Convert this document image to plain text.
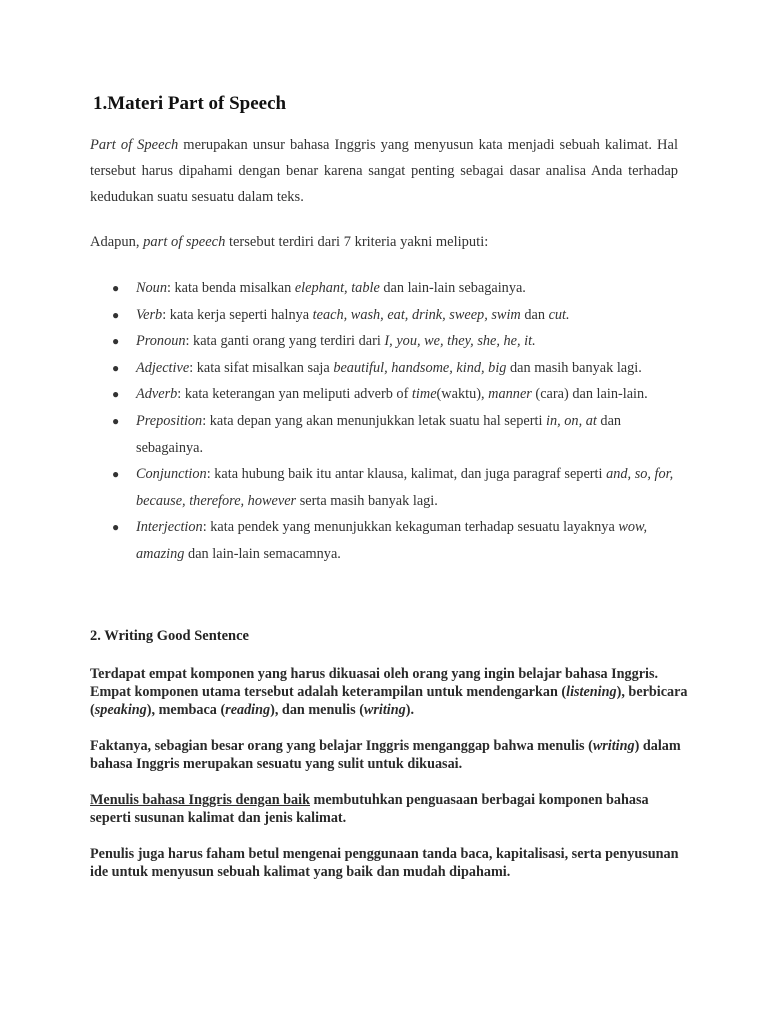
1.Materi Part of Speech

Part of Speech merupakan unsur bahasa Inggris yang menyusun kata menjadi sebuah kalimat. Hal tersebut harus dipahami dengan benar karena sangat penting sebagai dasar analisa Anda terhadap kedudukan suatu sesuatu dalam teks.

Adapun, part of speech tersebut terdiri dari 7 kriteria yakni meliputi:

● Noun: kata benda misalkan elephant, table dan lain-lain sebagainya.
● Verb: kata kerja seperti halnya teach, wash, eat, drink, sweep, swim dan cut.
● Pronoun: kata ganti orang yang terdiri dari I, you, we, they, she, he, it.
● Adjective: kata sifat misalkan saja beautiful, handsome, kind, big dan masih banyak lagi.
● Adverb: kata keterangan yan meliputi adverb of time(waktu), manner (cara) dan lain-lain.
● Preposition: kata depan yang akan menunjukkan letak suatu hal seperti in, on, at dan sebagainya.
● Conjunction: kata hubung baik itu antar klausa, kalimat, dan juga paragraf seperti and, so, for, because, therefore, however serta masih banyak lagi.
● Interjection: kata pendek yang menunjukkan kekaguman terhadap sesuatu layaknya wow, amazing dan lain-lain semacamnya.
2. Writing Good Sentence

Terdapat empat komponen yang harus dikuasai oleh orang yang ingin belajar bahasa Inggris. Empat komponen utama tersebut adalah keterampilan untuk mendengarkan (listening), berbicara (speaking), membaca (reading), dan menulis (writing).

Faktanya, sebagian besar orang yang belajar Inggris menganggap bahwa menulis (writing) dalam bahasa Inggris merupakan sesuatu yang sulit untuk dikuasai.

Menulis bahasa Inggris dengan baik membutuhkan penguasaan berbagai komponen bahasa seperti susunan kalimat dan jenis kalimat.

Penulis juga harus faham betul mengenai penggunaan tanda baca, kapitalisasi, serta penyusunan ide untuk menyusun sebuah kalimat yang baik dan mudah dipahami.
